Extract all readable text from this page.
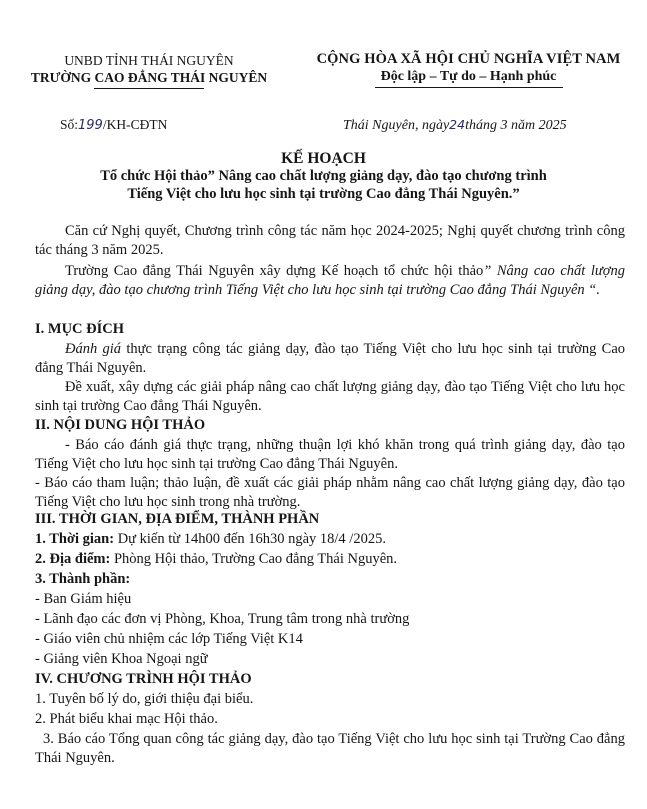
UNBD TỈNH THÁI NGUYÊN
TRƯỜNG CAO ĐẲNG THÁI NGUYÊN
CỘNG HÒA XÃ HỘI CHỦ NGHĨA VIỆT NAM
Độc lập – Tự do – Hạnh phúc
Số:199/KH-CĐTN	Thái Nguyên, ngày24tháng 3 năm 2025
KẾ HOẠCH
Tổ chức Hội thảo” Nâng cao chất lượng giảng dạy, đào tạo chương trình
Tiếng Việt cho lưu học sinh tại trường Cao đẳng Thái Nguyên.”
Căn cứ Nghị quyết, Chương trình công tác năm học 2024-2025; Nghị quyết chương trình công tác tháng 3 năm 2025.
Trường Cao đẳng Thái Nguyên xây dựng Kế hoạch tổ chức hội thảo” Nâng cao chất lượng giảng dạy, đào tạo chương trình Tiếng Việt cho lưu học sinh tại trường Cao đẳng Thái Nguyên “.
I. MỤC ĐÍCH
Đánh giá thực trạng công tác giảng dạy, đào tạo Tiếng Việt cho lưu học sinh tại trường Cao đẳng Thái Nguyên.
Đề xuất, xây dựng các giải pháp nâng cao chất lượng giảng dạy, đào tạo Tiếng Việt cho lưu học sinh tại trường Cao đẳng Thái Nguyên.
II. NỘI DUNG HỘI THẢO
- Báo cáo đánh giá thực trạng, những thuận lợi khó khăn trong quá trình giảng dạy, đào tạo Tiếng Việt cho lưu học sinh tại trường Cao đẳng Thái Nguyên.
- Báo cáo tham luận; thảo luận, đề xuất các giải pháp nhằm nâng cao chất lượng giảng dạy, đào tạo Tiếng Việt cho lưu học sinh trong nhà trường.
III. THỜI GIAN, ĐỊA ĐIỂM, THÀNH PHẦN
1. Thời gian: Dự kiến từ 14h00 đến 16h30 ngày 18/4 /2025.
2. Địa điểm: Phòng Hội thảo, Trường Cao đẳng Thái Nguyên.
3. Thành phần:
- Ban Giám hiệu
- Lãnh đạo các đơn vị Phòng, Khoa, Trung tâm trong nhà trường
- Giáo viên chủ nhiệm các lớp Tiếng Việt K14
- Giảng viên Khoa Ngoại ngữ
IV. CHƯƠNG TRÌNH HỘI THẢO
1. Tuyên bố lý do, giới thiệu đại biểu.
2. Phát biểu khai mạc Hội thảo.
3. Báo cáo Tổng quan công tác giảng dạy, đào tạo Tiếng Việt cho lưu học sinh tại Trường Cao đẳng Thái Nguyên.
